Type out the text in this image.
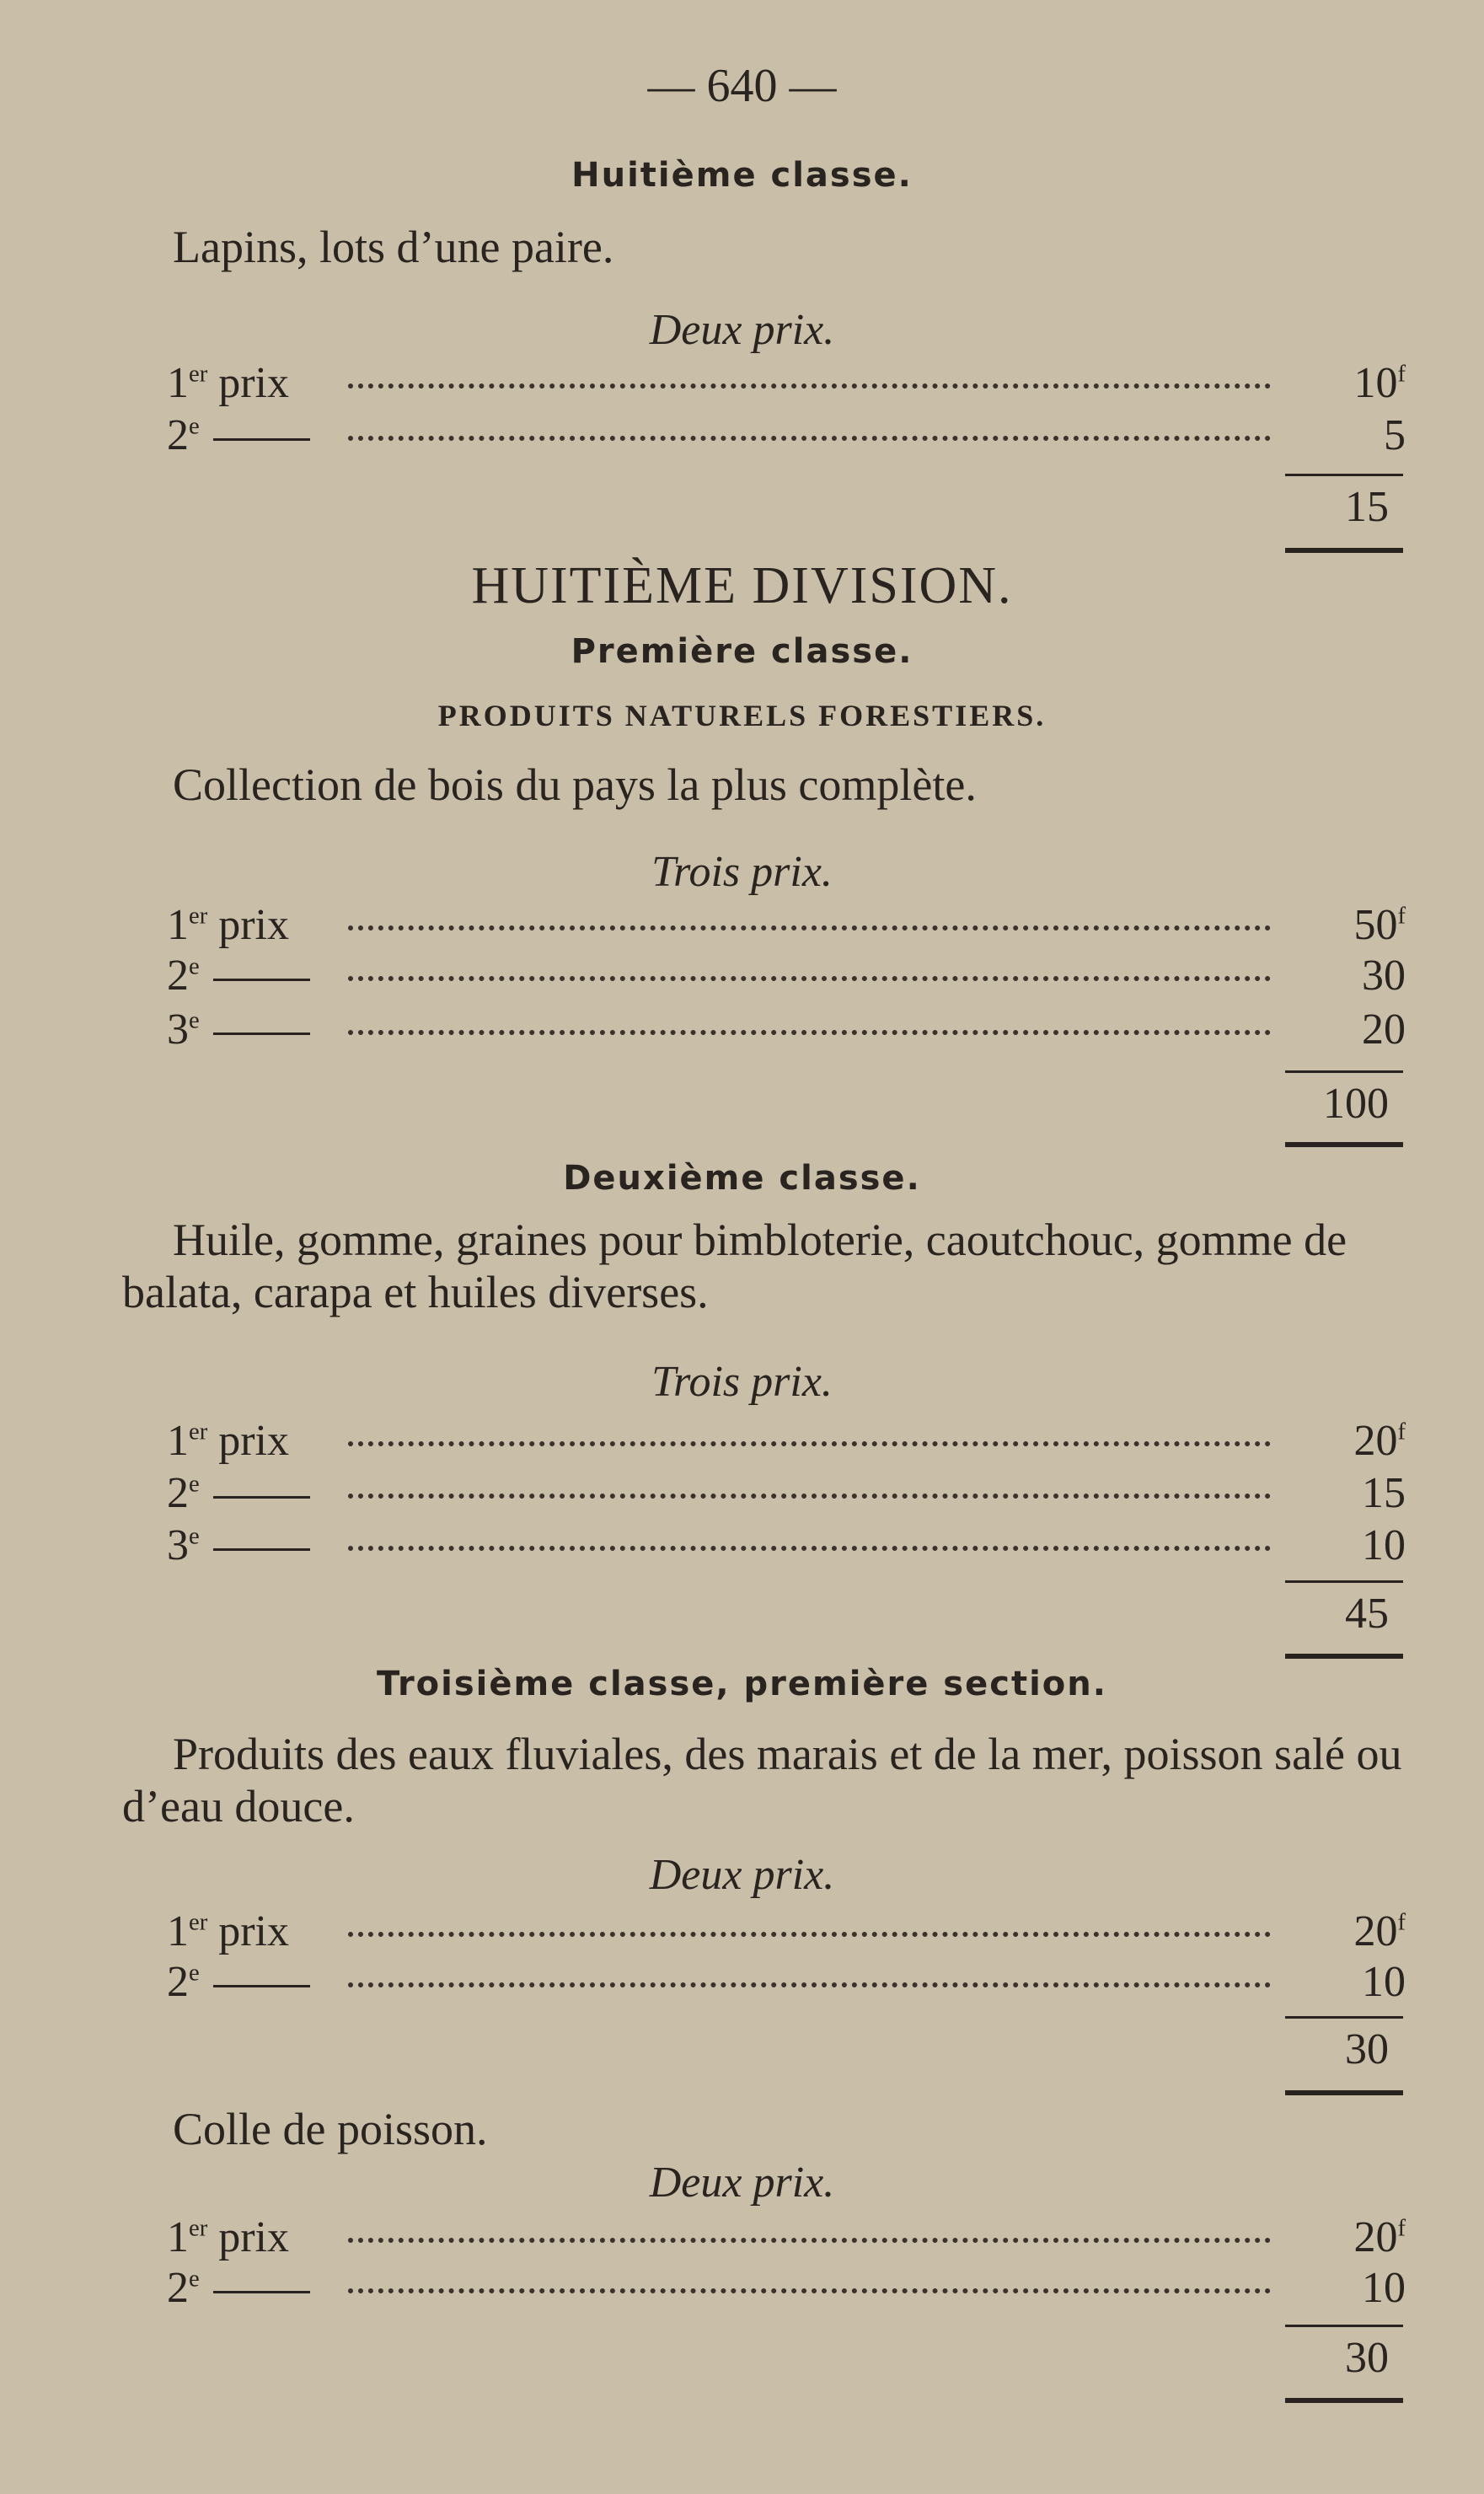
— 640 —
Huitième classe.
Lapins, lots d’une paire.
Deux prix.
1er prix	10$^f$
2e	5
15
HUITIÈME DIVISION.
Première classe.
PRODUITS NATURELS FORESTIERS.
Collection de bois du pays la plus complète.
Trois prix.
1er prix	50$^f$
2e	30
3e	20
100
Deuxième classe.
Huile, gomme, graines pour bimbloterie, caoutchouc, gomme de balata, carapa et huiles diverses.
Trois prix.
1er prix	20$^f$
2e	15
3e	10
45
Troisième classe, première section.
Produits des eaux fluviales, des marais et de la mer, poisson salé ou d’eau douce.
Deux prix.
1er prix	20$^f$
2e	10
30
Colle de poisson.
Deux prix.
1er prix	20$^f$
2e	10
30
